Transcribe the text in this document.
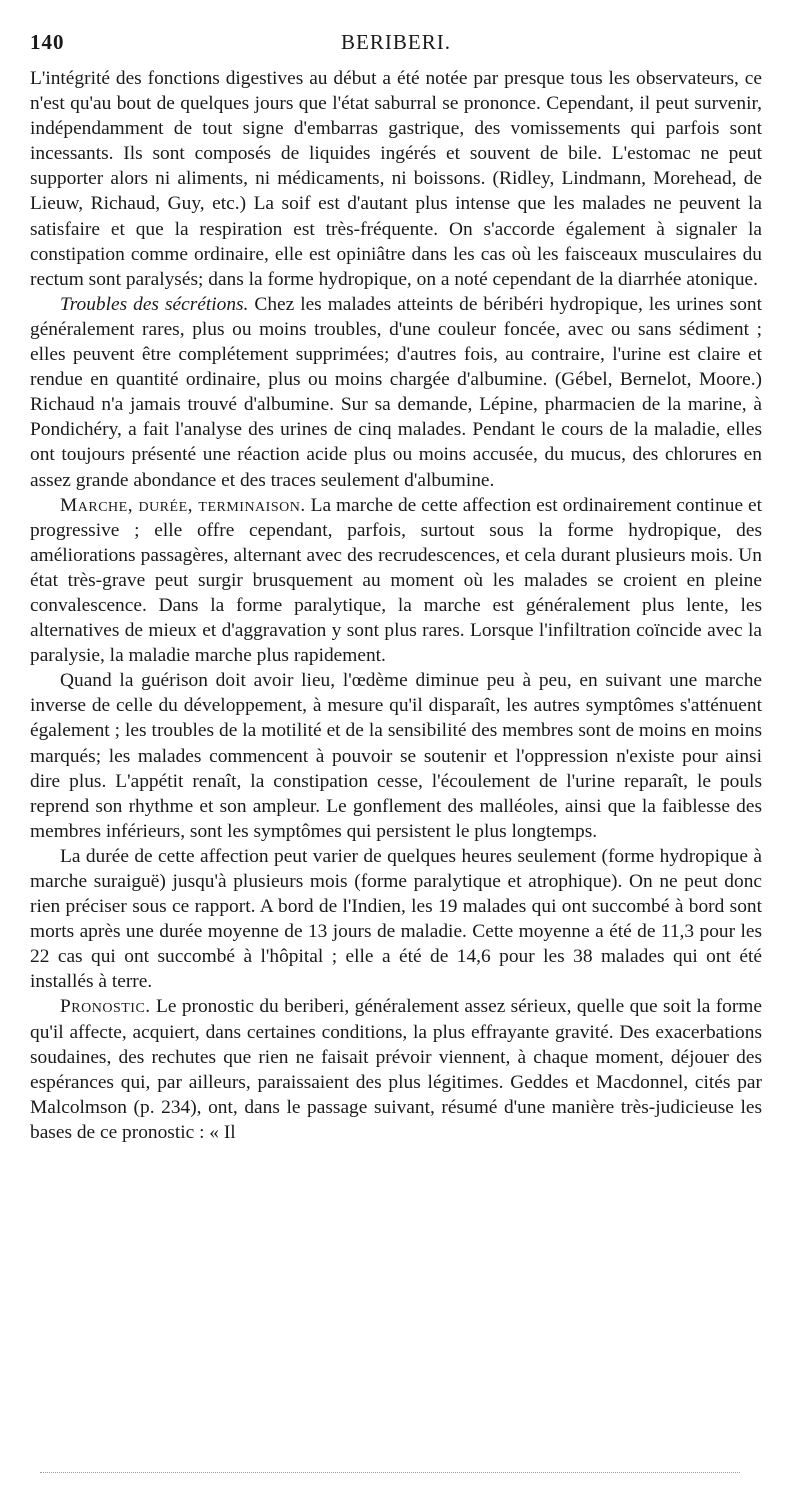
140	BERIBERI.

L'intégrité des fonctions digestives au début a été notée par presque tous les observateurs, ce n'est qu'au bout de quelques jours que l'état saburral se prononce. Cependant, il peut survenir, indépendamment de tout signe d'embarras gastrique, des vomissements qui parfois sont incessants. Ils sont composés de liquides ingérés et souvent de bile. L'estomac ne peut supporter alors ni aliments, ni médicaments, ni boissons. (Ridley, Lindmann, Morehead, de Lieuw, Richaud, Guy, etc.) La soif est d'autant plus intense que les malades ne peuvent la satisfaire et que la respiration est très-fréquente. On s'accorde également à signaler la constipation comme ordinaire, elle est opiniâtre dans les cas où les faisceaux musculaires du rectum sont paralysés; dans la forme hydropique, on a noté cependant de la diarrhée atonique.

Troubles des sécrétions. Chez les malades atteints de béribéri hydropique, les urines sont généralement rares, plus ou moins troubles, d'une couleur foncée, avec ou sans sédiment ; elles peuvent être complétement supprimées; d'autres fois, au contraire, l'urine est claire et rendue en quantité ordinaire, plus ou moins chargée d'albumine. (Gébel, Bernelot, Moore.) Richaud n'a jamais trouvé d'albumine. Sur sa demande, Lépine, pharmacien de la marine, à Pondichéry, a fait l'analyse des urines de cinq malades. Pendant le cours de la maladie, elles ont toujours présenté une réaction acide plus ou moins accusée, du mucus, des chlorures en assez grande abondance et des traces seulement d'albumine.

Marche, durée, terminaison. La marche de cette affection est ordinairement continue et progressive ; elle offre cependant, parfois, surtout sous la forme hydropique, des améliorations passagères, alternant avec des recrudescences, et cela durant plusieurs mois. Un état très-grave peut surgir brusquement au moment où les malades se croient en pleine convalescence. Dans la forme paralytique, la marche est généralement plus lente, les alternatives de mieux et d'aggravation y sont plus rares. Lorsque l'infiltration coïncide avec la paralysie, la maladie marche plus rapidement.

Quand la guérison doit avoir lieu, l'œdème diminue peu à peu, en suivant une marche inverse de celle du développement, à mesure qu'il disparaît, les autres symptômes s'atténuent également ; les troubles de la motilité et de la sensibilité des membres sont de moins en moins marqués; les malades commencent à pouvoir se soutenir et l'oppression n'existe pour ainsi dire plus. L'appétit renaît, la constipation cesse, l'écoulement de l'urine reparaît, le pouls reprend son rhythme et son ampleur. Le gonflement des malléoles, ainsi que la faiblesse des membres inférieurs, sont les symptômes qui persistent le plus longtemps.

La durée de cette affection peut varier de quelques heures seulement (forme hydropique à marche suraiguë) jusqu'à plusieurs mois (forme paralytique et atrophique). On ne peut donc rien préciser sous ce rapport. A bord de l'Indien, les 19 malades qui ont succombé à bord sont morts après une durée moyenne de 13 jours de maladie. Cette moyenne a été de 11,3 pour les 22 cas qui ont succombé à l'hôpital ; elle a été de 14,6 pour les 38 malades qui ont été installés à terre.

Pronostic. Le pronostic du beriberi, généralement assez sérieux, quelle que soit la forme qu'il affecte, acquiert, dans certaines conditions, la plus effrayante gravité. Des exacerbations soudaines, des rechutes que rien ne faisait prévoir viennent, à chaque moment, déjouer des espérances qui, par ailleurs, paraissaient des plus légitimes. Geddes et Macdonnel, cités par Malcolmson (p. 234), ont, dans le passage suivant, résumé d'une manière très-judicieuse les bases de ce pronostic : « Il
